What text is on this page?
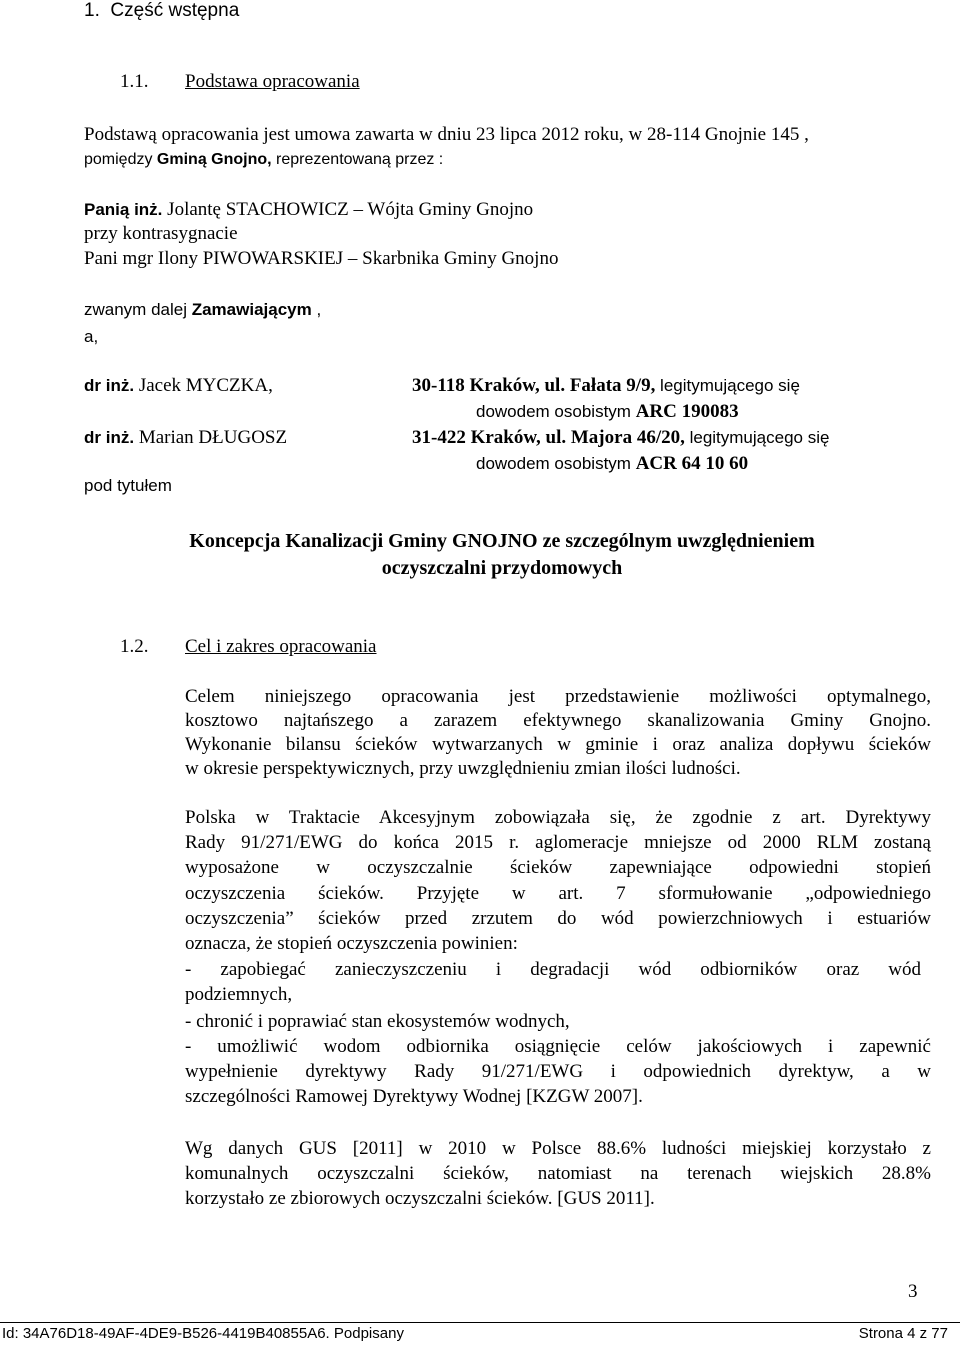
1. Część wstępna
1.1. Podstawa opracowania
Podstawą opracowania jest umowa zawarta w dniu 23 lipca 2012 roku, w 28-114 Gnojnie 145 ,
pomiędzy Gminą Gnojno, reprezentowaną przez :
Panią inż. Jolantę STACHOWICZ – Wójta Gminy Gnojno
przy kontrasygnacie
Pani mgr Ilony PIWOWARSKIEJ – Skarbnika Gminy Gnojno
zwanym dalej Zamawiającym ,
a,
dr inż. Jacek MYCZKA,	30-118 Kraków, ul. Fałata 9/9, legitymującego się
dowodem osobistym ARC 190083
dr inż. Marian DŁUGOSZ	31-422 Kraków, ul. Majora 46/20, legitymującego się
dowodem osobistym ACR 64 10 60
pod tytułem
Koncepcja Kanalizacji Gminy GNOJNO ze szczególnym uwzględnieniem
oczyszczalni przydomowych
1.2. Cel i zakres opracowania
Celem niniejszego opracowania jest przedstawienie możliwości optymalnego,
kosztowo najtańszego a zarazem efektywnego skanalizowania Gminy Gnojno.
Wykonanie bilansu ścieków wytwarzanych w gminie i oraz analiza dopływu ścieków
w okresie perspektywicznych, przy uwzględnieniu zmian ilości ludności.
Polska w Traktacie Akcesyjnym zobowiązała się, że zgodnie z art. Dyrektywy
Rady 91/271/EWG do końca 2015 r. aglomeracje mniejsze od 2000 RLM zostaną
wyposażone w oczyszczalnie ścieków zapewniające odpowiedni stopień
oczyszczenia ścieków. Przyjęte w art. 7 sformułowanie „odpowiedniego
oczyszczenia” ścieków przed zrzutem do wód powierzchniowych i estuariów
oznacza, że stopień oczyszczenia powinien:
- zapobiegać zanieczyszczeniu i degradacji wód odbiorników oraz wód
podziemnych,
- chronić i poprawiać stan ekosystemów wodnych,
- umożliwić wodom odbiornika osiągnięcie celów jakościowych i zapewnić
wypełnienie dyrektywy Rady 91/271/EWG i odpowiednich dyrektyw, a w
szczególności Ramowej Dyrektywy Wodnej [KZGW 2007].
Wg danych GUS [2011] w 2010 w Polsce 88.6% ludności miejskiej korzystało z
komunalnych oczyszczalni ścieków, natomiast na terenach wiejskich 28.8%
korzystało ze zbiorowych oczyszczalni ścieków. [GUS 2011].
3
Id: 34A76D18-49AF-4DE9-B526-4419B40855A6. Podpisany	Strona 4 z 77
